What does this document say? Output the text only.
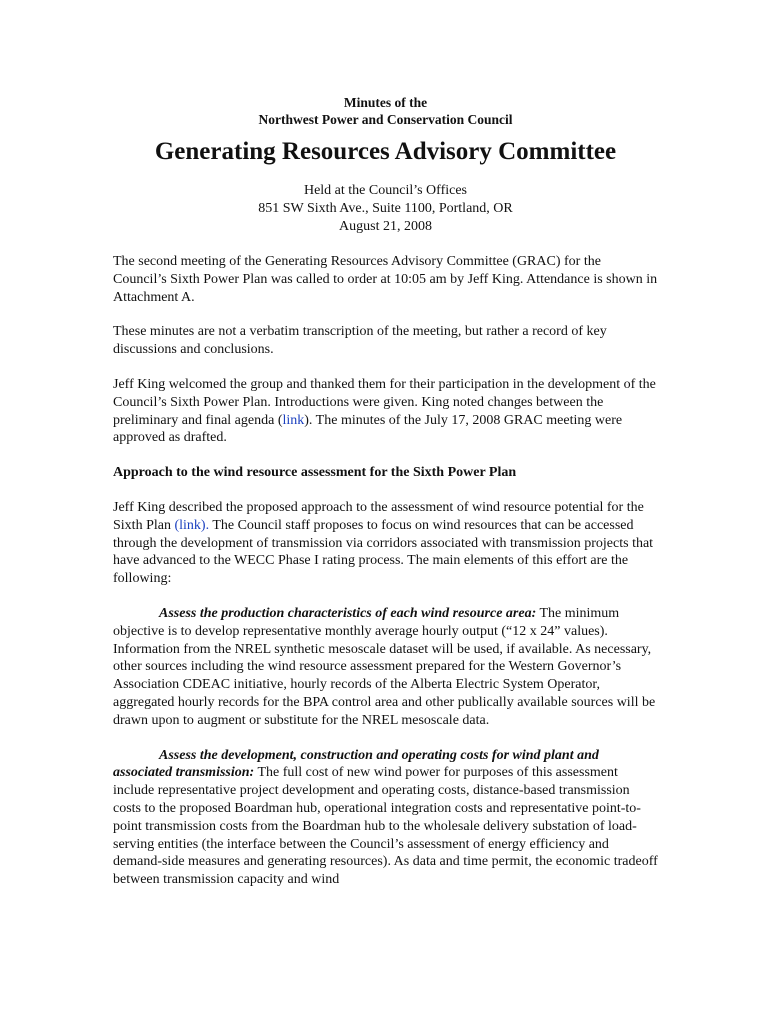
Minutes of the
Northwest Power and Conservation Council
Generating Resources Advisory Committee
Held at the Council’s Offices
851 SW Sixth Ave., Suite 1100, Portland, OR
August 21, 2008

The second meeting of the Generating Resources Advisory Committee (GRAC) for the Council’s Sixth Power Plan was called to order at 10:05 am by Jeff King. Attendance is shown in Attachment A.

These minutes are not a verbatim transcription of the meeting, but rather a record of key discussions and conclusions.

Jeff King welcomed the group and thanked them for their participation in the development of the Council’s Sixth Power Plan. Introductions were given. King noted changes between the preliminary and final agenda (link). The minutes of the July 17, 2008 GRAC meeting were approved as drafted.

Approach to the wind resource assessment for the Sixth Power Plan

Jeff King described the proposed approach to the assessment of wind resource potential for the Sixth Plan (link). The Council staff proposes to focus on wind resources that can be accessed through the development of transmission via corridors associated with transmission projects that have advanced to the WECC Phase I rating process. The main elements of this effort are the following:

Assess the production characteristics of each wind resource area: The minimum objective is to develop representative monthly average hourly output (“12 x 24” values). Information from the NREL synthetic mesoscale dataset will be used, if available. As necessary, other sources including the wind resource assessment prepared for the Western Governor’s Association CDEAC initiative, hourly records of the Alberta Electric System Operator, aggregated hourly records for the BPA control area and other publically available sources will be drawn upon to augment or substitute for the NREL mesoscale data.

Assess the development, construction and operating costs for wind plant and associated transmission: The full cost of new wind power for purposes of this assessment include representative project development and operating costs, distance-based transmission costs to the proposed Boardman hub, operational integration costs and representative point-to-point transmission costs from the Boardman hub to the wholesale delivery substation of load-serving entities (the interface between the Council’s assessment of energy efficiency and demand-side measures and generating resources). As data and time permit, the economic tradeoff between transmission capacity and wind
